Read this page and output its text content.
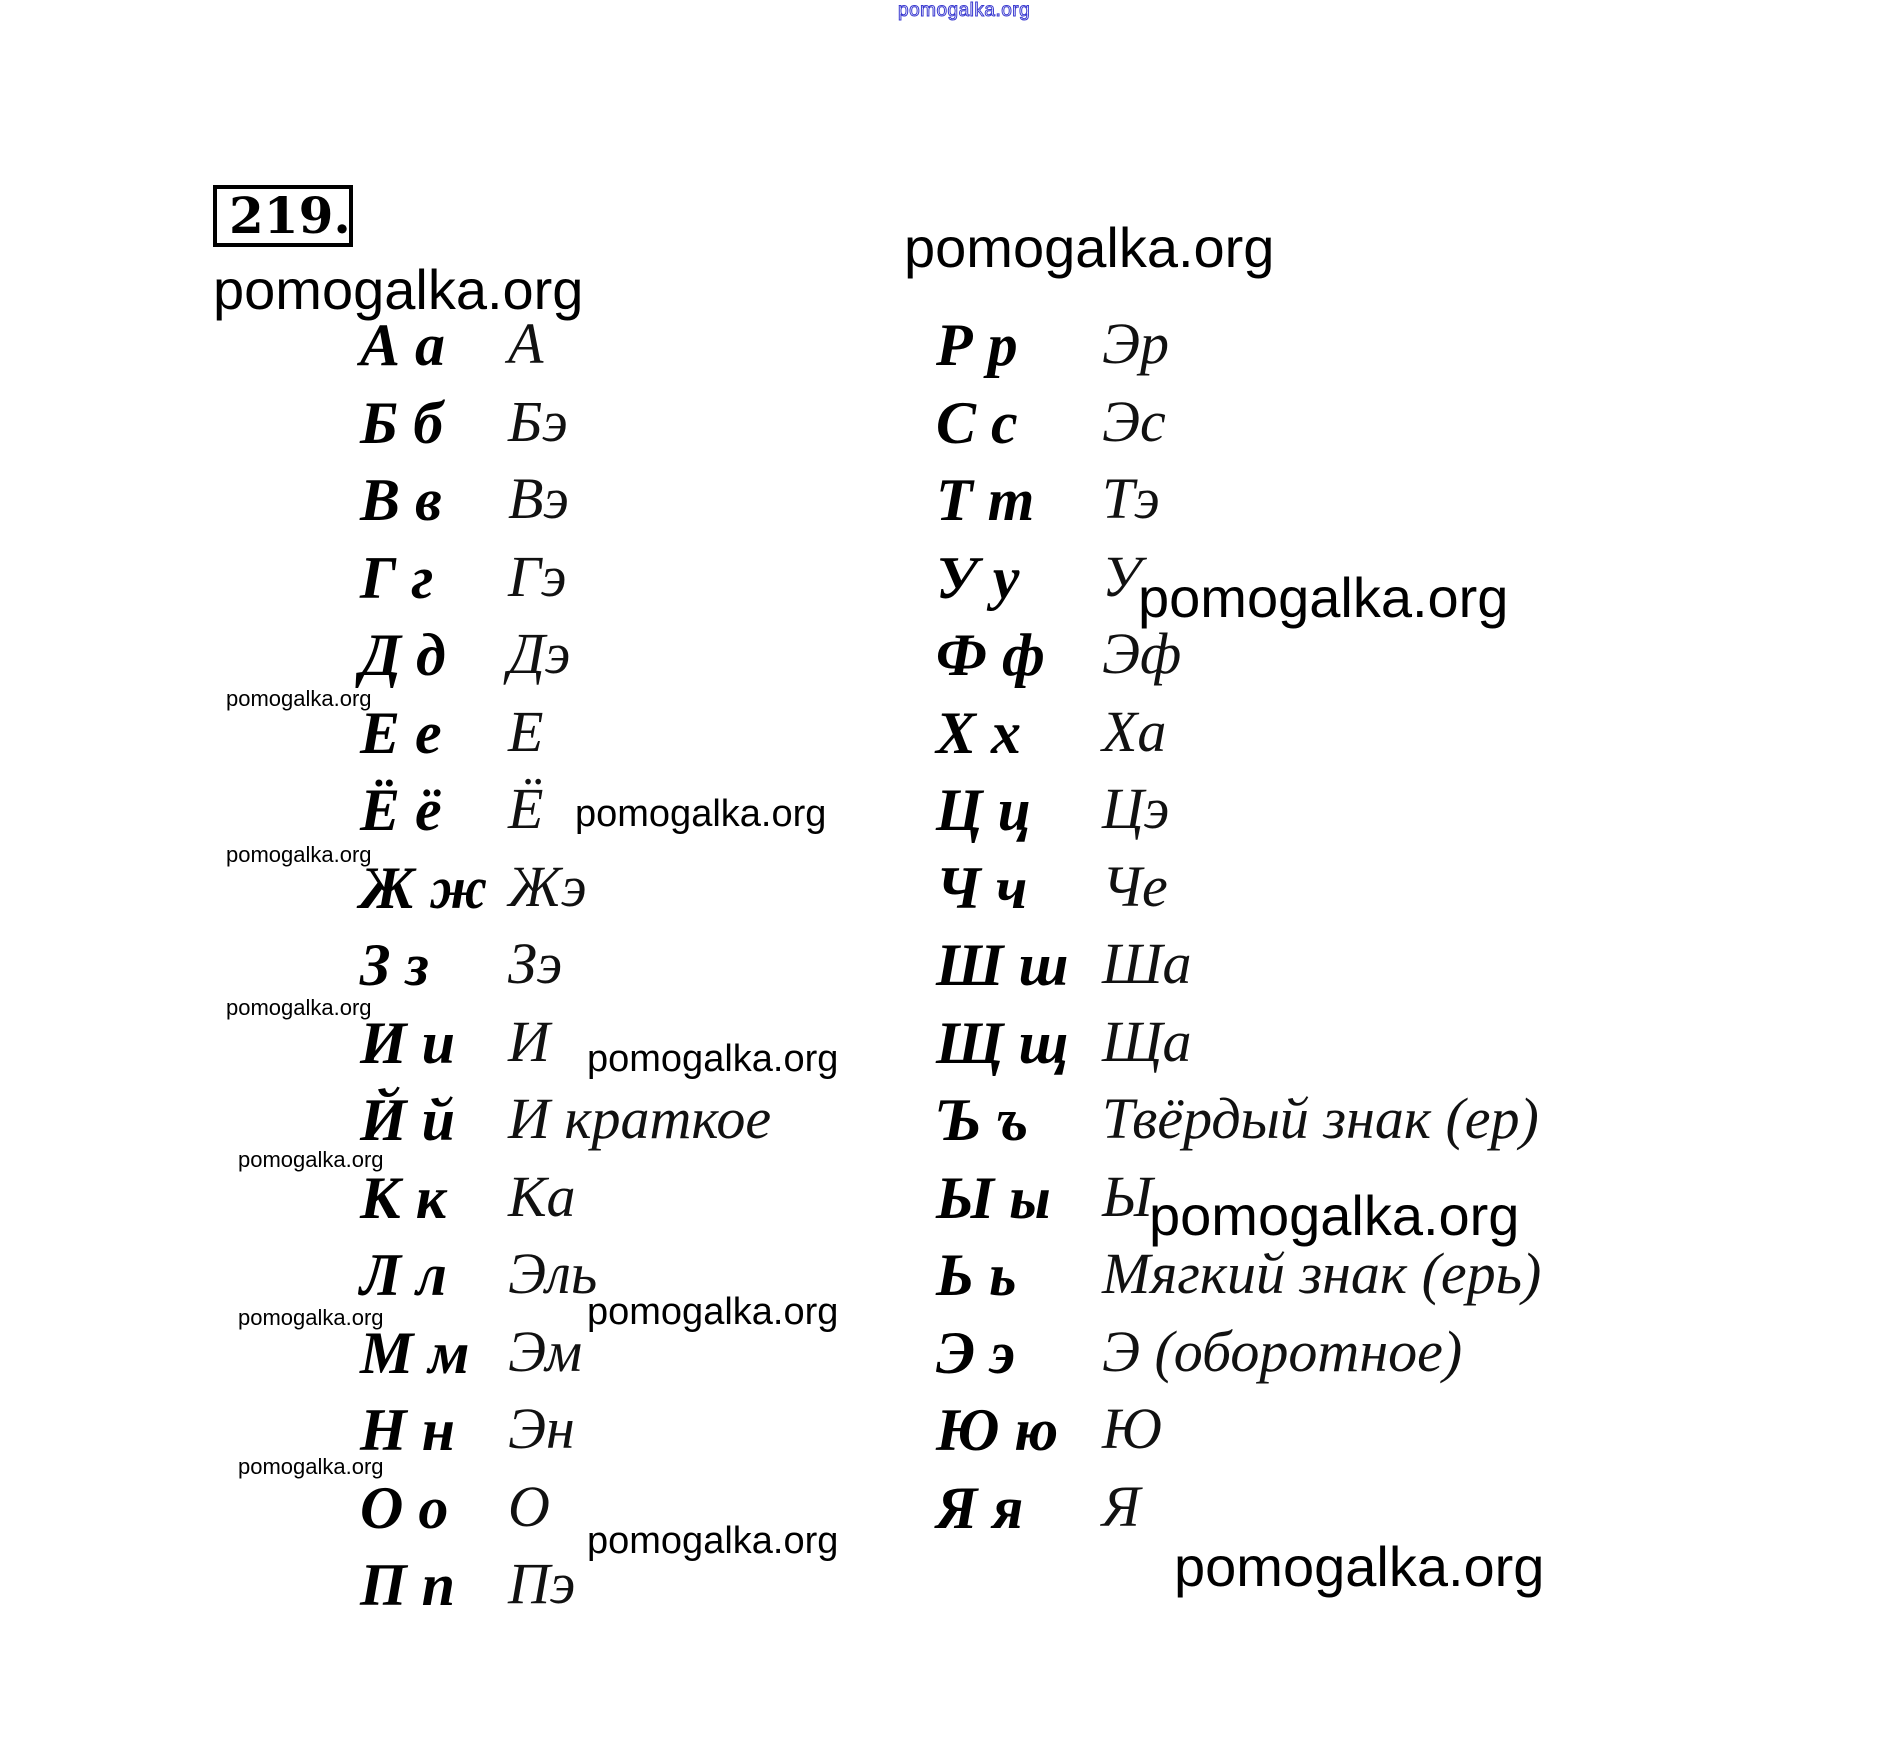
pomogalka.org
219.
А а А
Б б Бэ
В в Вэ
Г г Гэ
Д д Дэ
Е е Е
Ё ё Ё
Ж ж Жэ
З з Зэ
И и И
Й й И краткое
К к Ка
Л л Эль
М м Эм
Н н Эн
О о О
П п Пэ
Р р Эр
С с Эс
Т т Тэ
У у У
Ф ф Эф
Х х Ха
Ц ц Цэ
Ч ч Че
Ш ш Ша
Щ щ Ща
Ъ ъ Твёрдый знак (ер)
Ы ы Ы
Ь ь Мягкий знак (ерь)
Э э Э (оборотное)
Ю ю Ю
Я я Я
pomogalka.org
pomogalka.org
pomogalka.org
pomogalka.org
pomogalka.org
pomogalka.org
pomogalka.org
pomogalka.org
pomogalka.org
pomogalka.org
pomogalka.org
pomogalka.org
pomogalka.org
pomogalka.org
pomogalka.org
